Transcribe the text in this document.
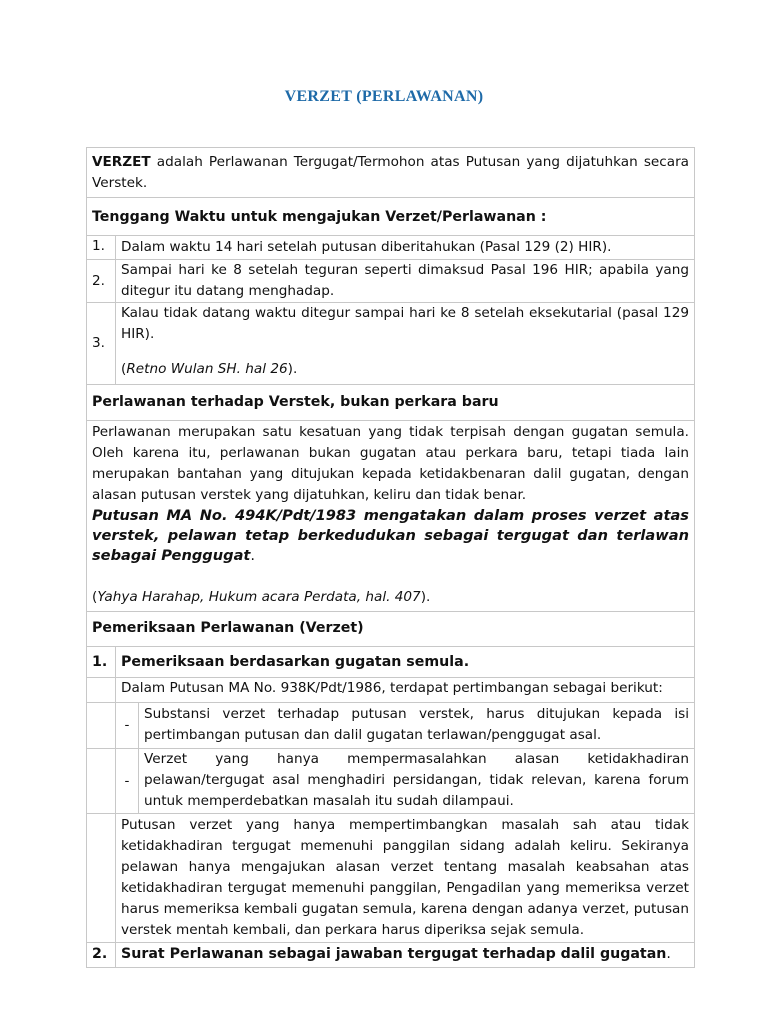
VERZET (PERLAWANAN)
VERZET adalah Perlawanan Tergugat/Termohon atas Putusan yang dijatuhkan secara Verstek.		
Tenggang Waktu untuk mengajukan Verzet/Perlawanan :		
1.	Dalam waktu 14 hari setelah putusan diberitahukan (Pasal 129 (2) HIR).	
2.	Sampai hari ke 8 setelah teguran seperti dimaksud Pasal 196 HIR; apabila yang ditegur itu datang menghadap.	
3.	Kalau tidak datang waktu ditegur sampai hari ke 8 setelah eksekutarial (pasal 129 HIR).
(Retno Wulan SH. hal 26).	

Perlawanan terhadap Verstek, bukan perkara baru		

Perlawanan merupakan satu kesatuan yang tidak terpisah dengan gugatan semula. Oleh karena itu, perlawanan bukan gugatan atau perkara baru, tetapi tiada lain merupakan bantahan yang ditujukan kepada ketidakbenaran dalil gugatan, dengan alasan putusan verstek yang dijatuhkan, keliru dan tidak benar.
Putusan MA No. 494K/Pdt/1983 mengatakan dalam proses verzet atas verstek, pelawan tetap berkedudukan sebagai tergugat dan terlawan sebagai Penggugat.
(Yahya Harahap, Hukum acara Perdata, hal. 407).		

Pemeriksaan Perlawanan (Verzet)		
1.	Pemeriksaan berdasarkan gugatan semula.	
	Dalam Putusan MA No. 938K/Pdt/1986, terdapat pertimbangan sebagai berikut:	
	-	Substansi verzet terhadap putusan verstek, harus ditujukan kepada isi pertimbangan putusan dan dalil gugatan terlawan/penggugat asal.
	-	Verzet yang hanya mempermasalahkan alasan ketidakhadiran pelawan/tergugat asal menghadiri persidangan, tidak relevan, karena forum untuk memperdebatkan masalah itu sudah dilampaui.
	Putusan verzet yang hanya mempertimbangkan masalah sah atau tidak ketidakhadiran tergugat memenuhi panggilan sidang adalah keliru. Sekiranya pelawan hanya mengajukan alasan verzet tentang masalah keabsahan atas ketidakhadiran tergugat memenuhi panggilan, Pengadilan yang memeriksa verzet harus memeriksa kembali gugatan semula, karena dengan adanya verzet, putusan verstek mentah kembali, dan perkara harus diperiksa sejak semula.	
2.	Surat Perlawanan sebagai jawaban tergugat terhadap dalil gugatan.	
